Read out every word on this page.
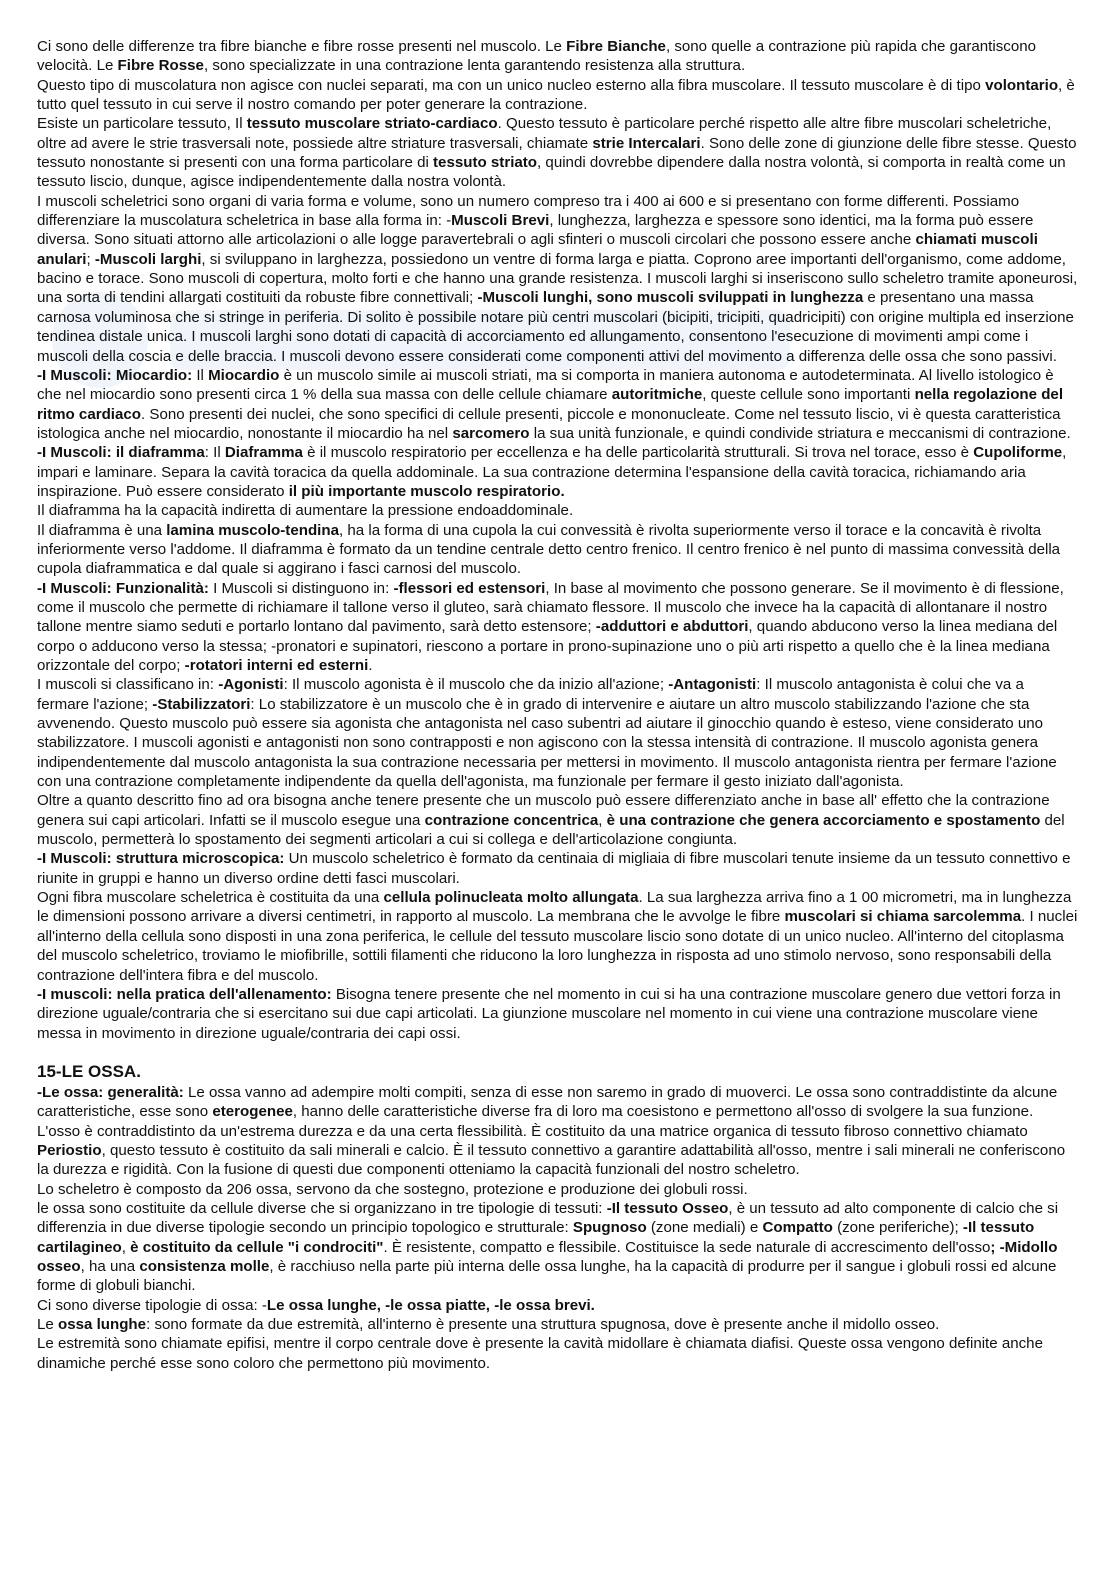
Ci sono delle differenze tra fibre bianche e fibre rosse presenti nel muscolo. Le Fibre Bianche, sono quelle a contrazione più rapida che garantiscono velocità. Le Fibre Rosse, sono specializzate in una contrazione lenta garantendo resistenza alla struttura.

Questo tipo di muscolatura non agisce con nuclei separati, ma con un unico nucleo esterno alla fibra muscolare. Il tessuto muscolare è di tipo volontario, è tutto quel tessuto in cui serve il nostro comando per poter generare la contrazione.

Esiste un particolare tessuto, Il tessuto muscolare striato-cardiaco. Questo tessuto è particolare perché rispetto alle altre fibre muscolari scheletriche, oltre ad avere le strie trasversali note, possiede altre striature trasversali, chiamate strie Intercalari. Sono delle zone di giunzione delle fibre stesse. Questo tessuto nonostante si presenti con una forma particolare di tessuto striato, quindi dovrebbe dipendere dalla nostra volontà, si comporta in realtà come un tessuto liscio, dunque, agisce indipendentemente dalla nostra volontà.

I muscoli scheletrici sono organi di varia forma e volume, sono un numero compreso tra i 400 ai 600 e si presentano con forme differenti. Possiamo differenziare la muscolatura scheletrica in base alla forma in: -Muscoli Brevi, lunghezza, larghezza e spessore sono identici, ma la forma può essere diversa. Sono situati attorno alle articolazioni o alle logge paravertebrali o agli sfinteri o muscoli circolari che possono essere anche chiamati muscoli anulari; -Muscoli larghi, si sviluppano in larghezza, possiedono un ventre di forma larga e piatta. Coprono aree importanti dell'organismo, come addome, bacino e torace. Sono muscoli di copertura, molto forti e che hanno una grande resistenza. I muscoli larghi si inseriscono sullo scheletro tramite aponeurosi, una sorta di tendini allargati costituiti da robuste fibre connettivali; -Muscoli lunghi, sono muscoli sviluppati in lunghezza e presentano una massa carnosa voluminosa che si stringe in periferia. Di solito è possibile notare più centri muscolari (bicipiti, tricipiti, quadricipiti) con origine multipla ed inserzione tendinea distale unica. I muscoli larghi sono dotati di capacità di accorciamento ed allungamento, consentono l'esecuzione di movimenti ampi come i muscoli della coscia e delle braccia. I muscoli devono essere considerati come componenti attivi del movimento a differenza delle ossa che sono passivi.

-I Muscoli: Miocardio: Il Miocardio è un muscolo simile ai muscoli striati, ma si comporta in maniera autonoma e autodeterminata. Al livello istologico è che nel miocardio sono presenti circa 1 % della sua massa con delle cellule chiamare autoritmiche, queste cellule sono importanti nella regolazione del ritmo cardiaco. Sono presenti dei nuclei, che sono specifici di cellule presenti, piccole e mononucleate. Come nel tessuto liscio, vi è questa caratteristica istologica anche nel miocardio, nonostante il miocardio ha nel sarcomero la sua unità funzionale, e quindi condivide striatura e meccanismi di contrazione.

-I Muscoli: il diaframma: Il Diaframma è il muscolo respiratorio per eccellenza e ha delle particolarità strutturali. Si trova nel torace, esso è Cupoliforme, impari e laminare. Separa la cavità toracica da quella addominale. La sua contrazione determina l'espansione della cavità toracica, richiamando aria inspirazione. Può essere considerato il più importante muscolo respiratorio.

Il diaframma ha la capacità indiretta di aumentare la pressione endoaddominale.

Il diaframma è una lamina muscolo-tendina, ha la forma di una cupola la cui convessità è rivolta superiormente verso il torace e la concavità è rivolta inferiormente verso l'addome. Il diaframma è formato da un tendine centrale detto centro frenico. Il centro frenico è nel punto di massima convessità della cupola diaframmatica e dal quale si aggirano i fasci carnosi del muscolo.

-I Muscoli: Funzionalità: I Muscoli si distinguono in: -flessori ed estensori, In base al movimento che possono generare. Se il movimento è di flessione, come il muscolo che permette di richiamare il tallone verso il gluteo, sarà chiamato flessore. Il muscolo che invece ha la capacità di allontanare il nostro tallone mentre siamo seduti e portarlo lontano dal pavimento, sarà detto estensore; -adduttori e abduttori, quando abducono verso la linea mediana del corpo o adducono verso la stessa; -pronatori e supinatori, riescono a portare in prono-supinazione uno o più arti rispetto a quello che è la linea mediana orizzontale del corpo; -rotatori interni ed esterni.

I muscoli si classificano in: -Agonisti: Il muscolo agonista è il muscolo che da inizio all'azione; -Antagonisti: Il muscolo antagonista è colui che va a fermare l'azione; -Stabilizzatori: Lo stabilizzatore è un muscolo che è in grado di intervenire e aiutare un altro muscolo stabilizzando l'azione che sta avvenendo. Questo muscolo può essere sia agonista che antagonista nel caso subentri ad aiutare il ginocchio quando è esteso, viene considerato uno stabilizzatore. I muscoli agonisti e antagonisti non sono contrapposti e non agiscono con la stessa intensità di contrazione. Il muscolo agonista genera indipendentemente dal muscolo antagonista la sua contrazione necessaria per mettersi in movimento. Il muscolo antagonista rientra per fermare l'azione con una contrazione completamente indipendente da quella dell'agonista, ma funzionale per fermare il gesto iniziato dall'agonista.

Oltre a quanto descritto fino ad ora bisogna anche tenere presente che un muscolo può essere differenziato anche in base all' effetto che la contrazione genera sui capi articolari. Infatti se il muscolo esegue una contrazione concentrica, è una contrazione che genera accorciamento e spostamento del muscolo, permetterà lo spostamento dei segmenti articolari a cui si collega e dell'articolazione congiunta.

-I Muscoli: struttura microscopica: Un muscolo scheletrico è formato da centinaia di migliaia di fibre muscolari tenute insieme da un tessuto connettivo e riunite in gruppi e hanno un diverso ordine detti fasci muscolari.

Ogni fibra muscolare scheletrica è costituita da una cellula polinucleata molto allungata. La sua larghezza arriva fino a 1 00 micrometri, ma in lunghezza le dimensioni possono arrivare a diversi centimetri, in rapporto al muscolo. La membrana che le avvolge le fibre muscolari si chiama sarcolemma. I nuclei all'interno della cellula sono disposti in una zona periferica, le cellule del tessuto muscolare liscio sono dotate di un unico nucleo. All'interno del citoplasma del muscolo scheletrico, troviamo le miofibrille, sottili filamenti che riducono la loro lunghezza in risposta ad uno stimolo nervoso, sono responsabili della contrazione dell'intera fibra e del muscolo.

-I muscoli: nella pratica dell'allenamento: Bisogna tenere presente che nel momento in cui si ha una contrazione muscolare genero due vettori forza in direzione uguale/contraria che si esercitano sui due capi articolati. La giunzione muscolare nel momento in cui viene una contrazione muscolare viene messa in movimento in direzione uguale/contraria dei capi ossi.

15-LE OSSA.

-Le ossa: generalità: Le ossa vanno ad adempire molti compiti, senza di esse non saremo in grado di muoverci. Le ossa sono contraddistinte da alcune caratteristiche, esse sono eterogenee, hanno delle caratteristiche diverse fra di loro ma coesistono e permettono all'osso di svolgere la sua funzione.

L'osso è contraddistinto da un'estrema durezza e da una certa flessibilità. È costituito da una matrice organica di tessuto fibroso connettivo chiamato Periostio, questo tessuto è costituito da sali minerali e calcio. È il tessuto connettivo a garantire adattabilità all'osso, mentre i sali minerali ne conferiscono la durezza e rigidità. Con la fusione di questi due componenti otteniamo la capacità funzionali del nostro scheletro.

Lo scheletro è composto da 206 ossa, servono da che sostegno, protezione e produzione dei globuli rossi.

le ossa sono costituite da cellule diverse che si organizzano in tre tipologie di tessuti: -Il tessuto Osseo, è un tessuto ad alto componente di calcio che si differenzia in due diverse tipologie secondo un principio topologico e strutturale: Spugnoso (zone mediali) e Compatto (zone periferiche); -Il tessuto cartilagineo, è costituito da cellule "i condrociti". È resistente, compatto e flessibile. Costituisce la sede naturale di accrescimento dell'osso; -Midollo osseo, ha una consistenza molle, è racchiuso nella parte più interna delle ossa lunghe, ha la capacità di produrre per il sangue i globuli rossi ed alcune forme di globuli bianchi.

Ci sono diverse tipologie di ossa: -Le ossa lunghe, -le ossa piatte, -le ossa brevi.

Le ossa lunghe: sono formate da due estremità, all'interno è presente una struttura spugnosa, dove è presente anche il midollo osseo.

Le estremità sono chiamate epifisi, mentre il corpo centrale dove è presente la cavità midollare è chiamata diafisi. Queste ossa vengono definite anche dinamiche perché esse sono coloro che permettono più movimento.
